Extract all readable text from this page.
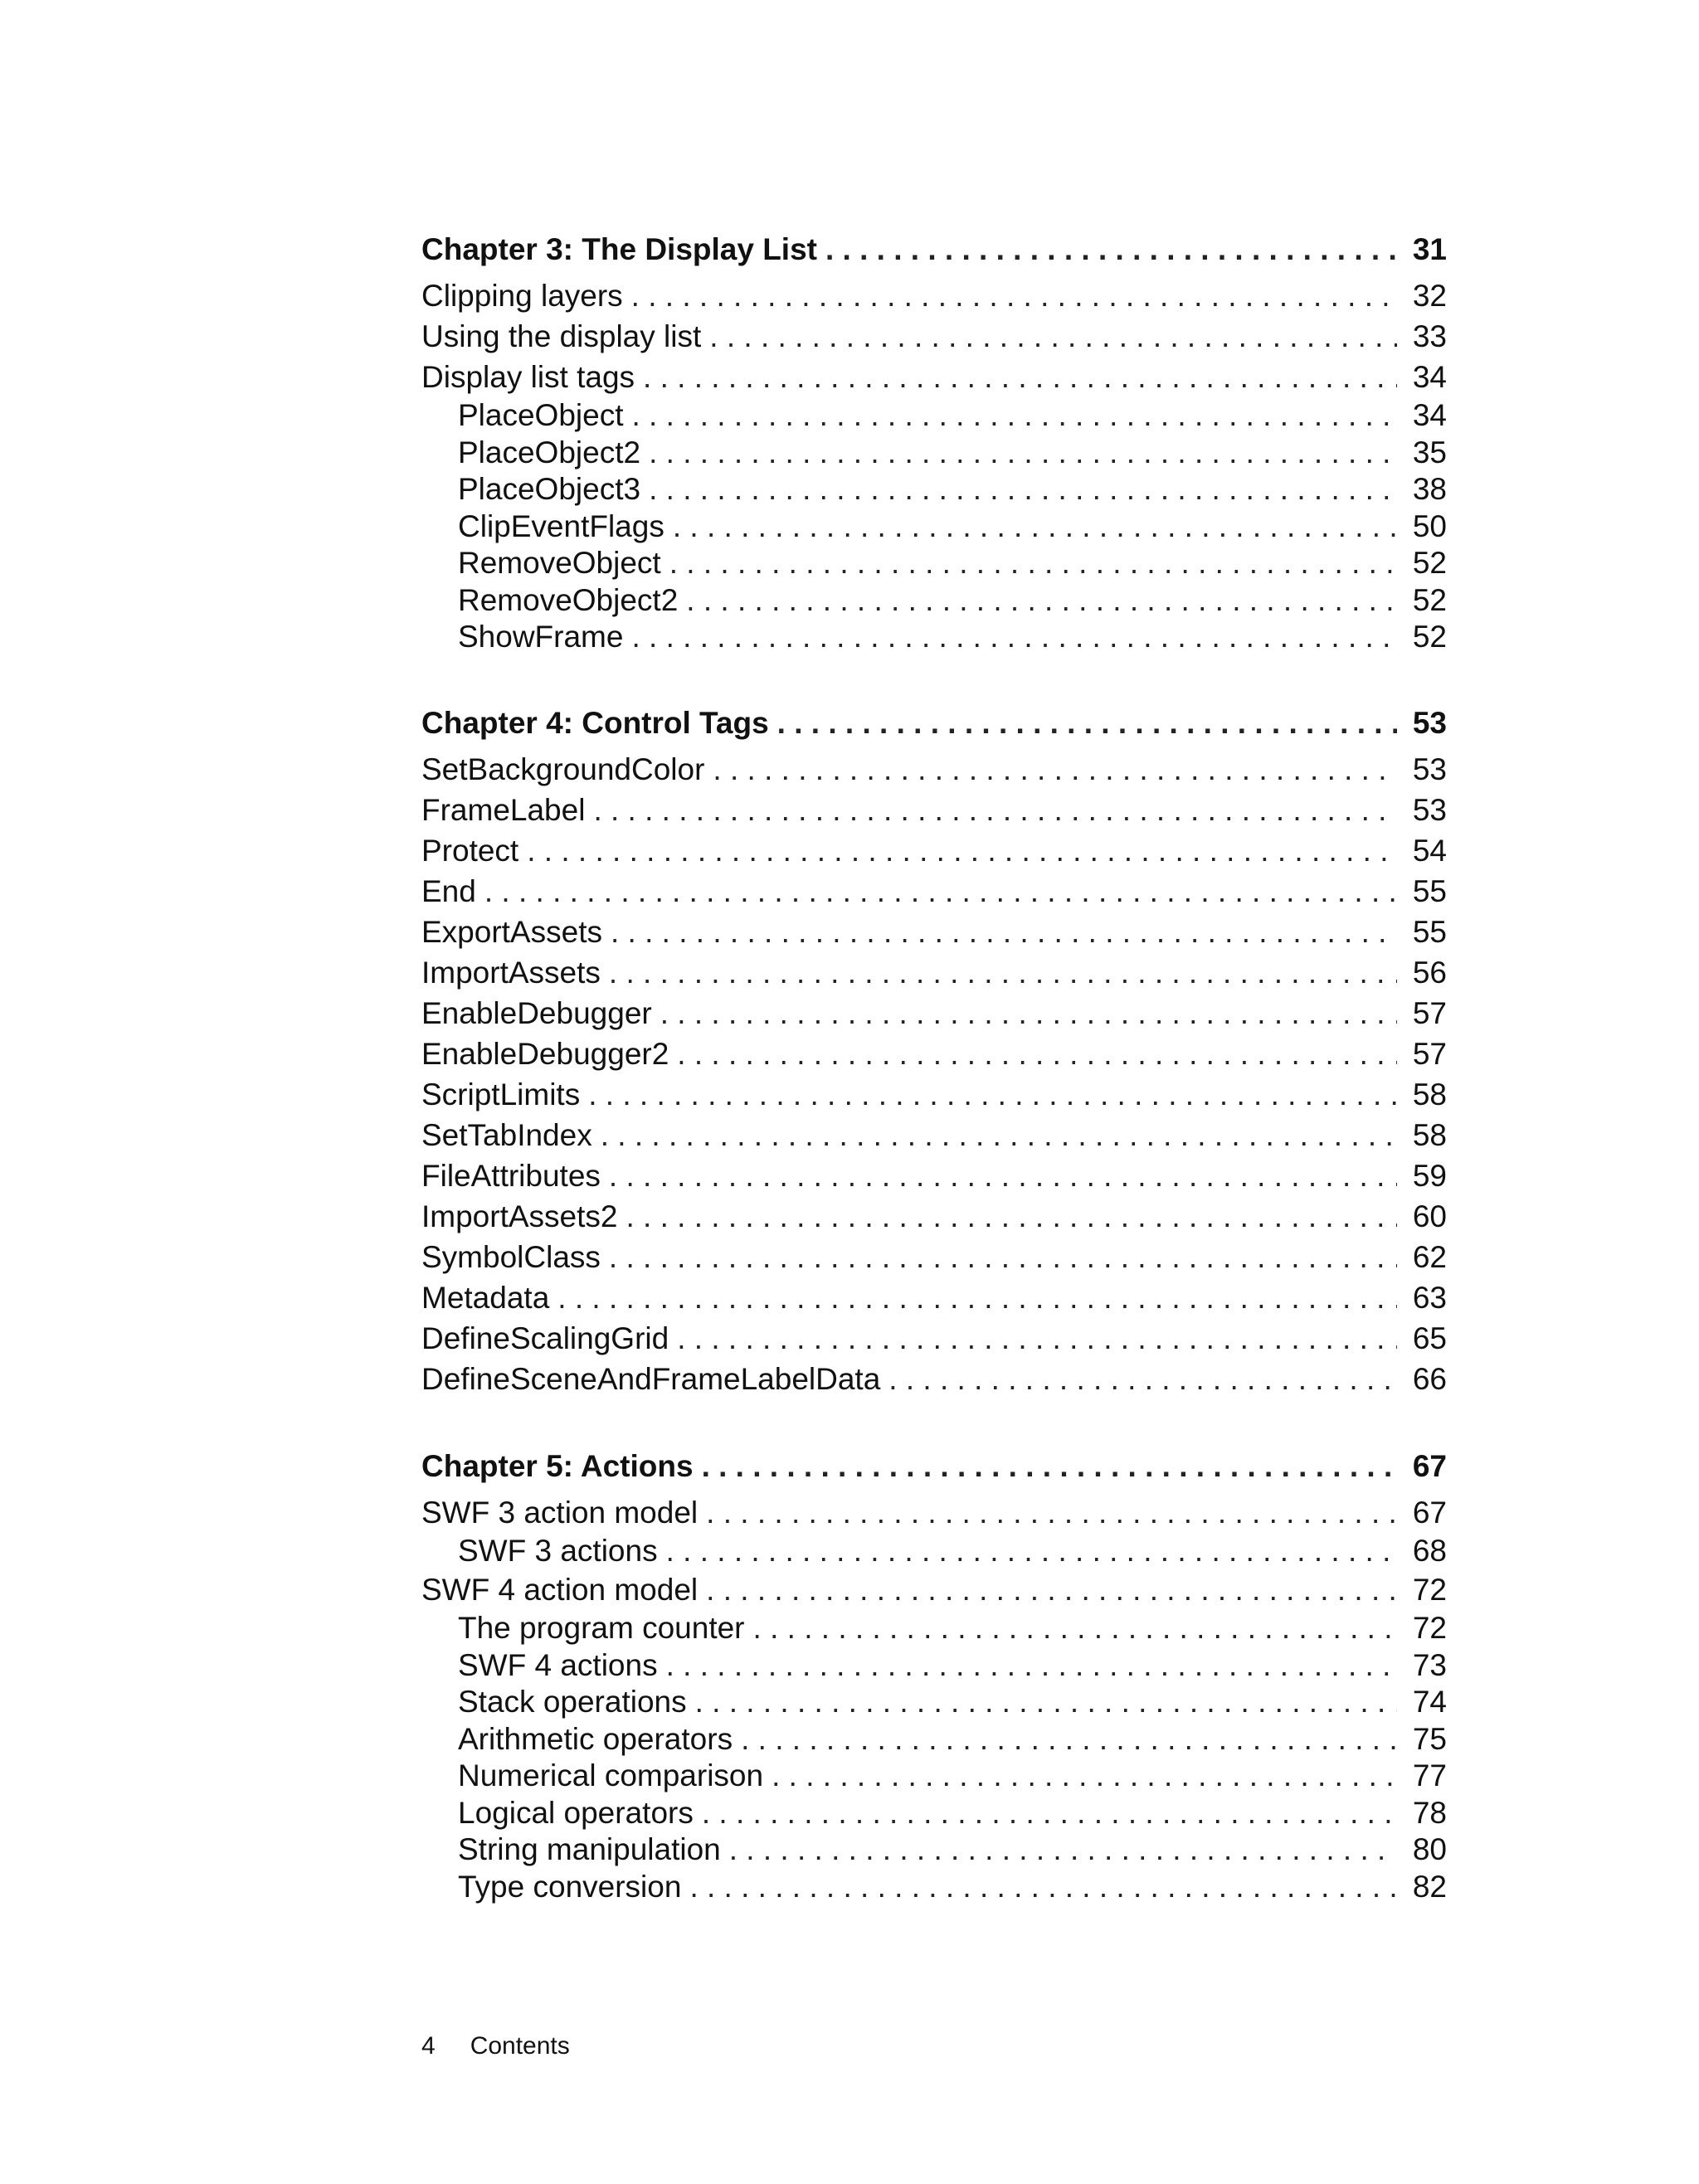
Chapter 3: The Display List . . .	31
Clipping layers . . .	32
Using the display list . . .	33
Display list tags . . .	34
PlaceObject . . .	34
PlaceObject2 . . .	35
PlaceObject3 . . .	38
ClipEventFlags . . .	50
RemoveObject . . .	52
RemoveObject2 . . .	52
ShowFrame . . .	52
Chapter 4: Control Tags . . .	53
SetBackgroundColor . . .	53
FrameLabel . . .	53
Protect . . .	54
End . . .	55
ExportAssets . . .	55
ImportAssets . . .	56
EnableDebugger . . .	57
EnableDebugger2 . . .	57
ScriptLimits . . .	58
SetTabIndex . . .	58
FileAttributes . . .	59
ImportAssets2 . . .	60
SymbolClass . . .	62
Metadata . . .	63
DefineScalingGrid . . .	65
DefineSceneAndFrameLabelData . . .	66
Chapter 5: Actions . . .	67
SWF 3 action model . . .	67
SWF 3 actions . . .	68
SWF 4 action model . . .	72
The program counter . . .	72
SWF 4 actions . . .	73
Stack operations . . .	74
Arithmetic operators . . .	75
Numerical comparison . . .	77
Logical operators . . .	78
String manipulation . . .	80
Type conversion . . .	82
4 Contents
